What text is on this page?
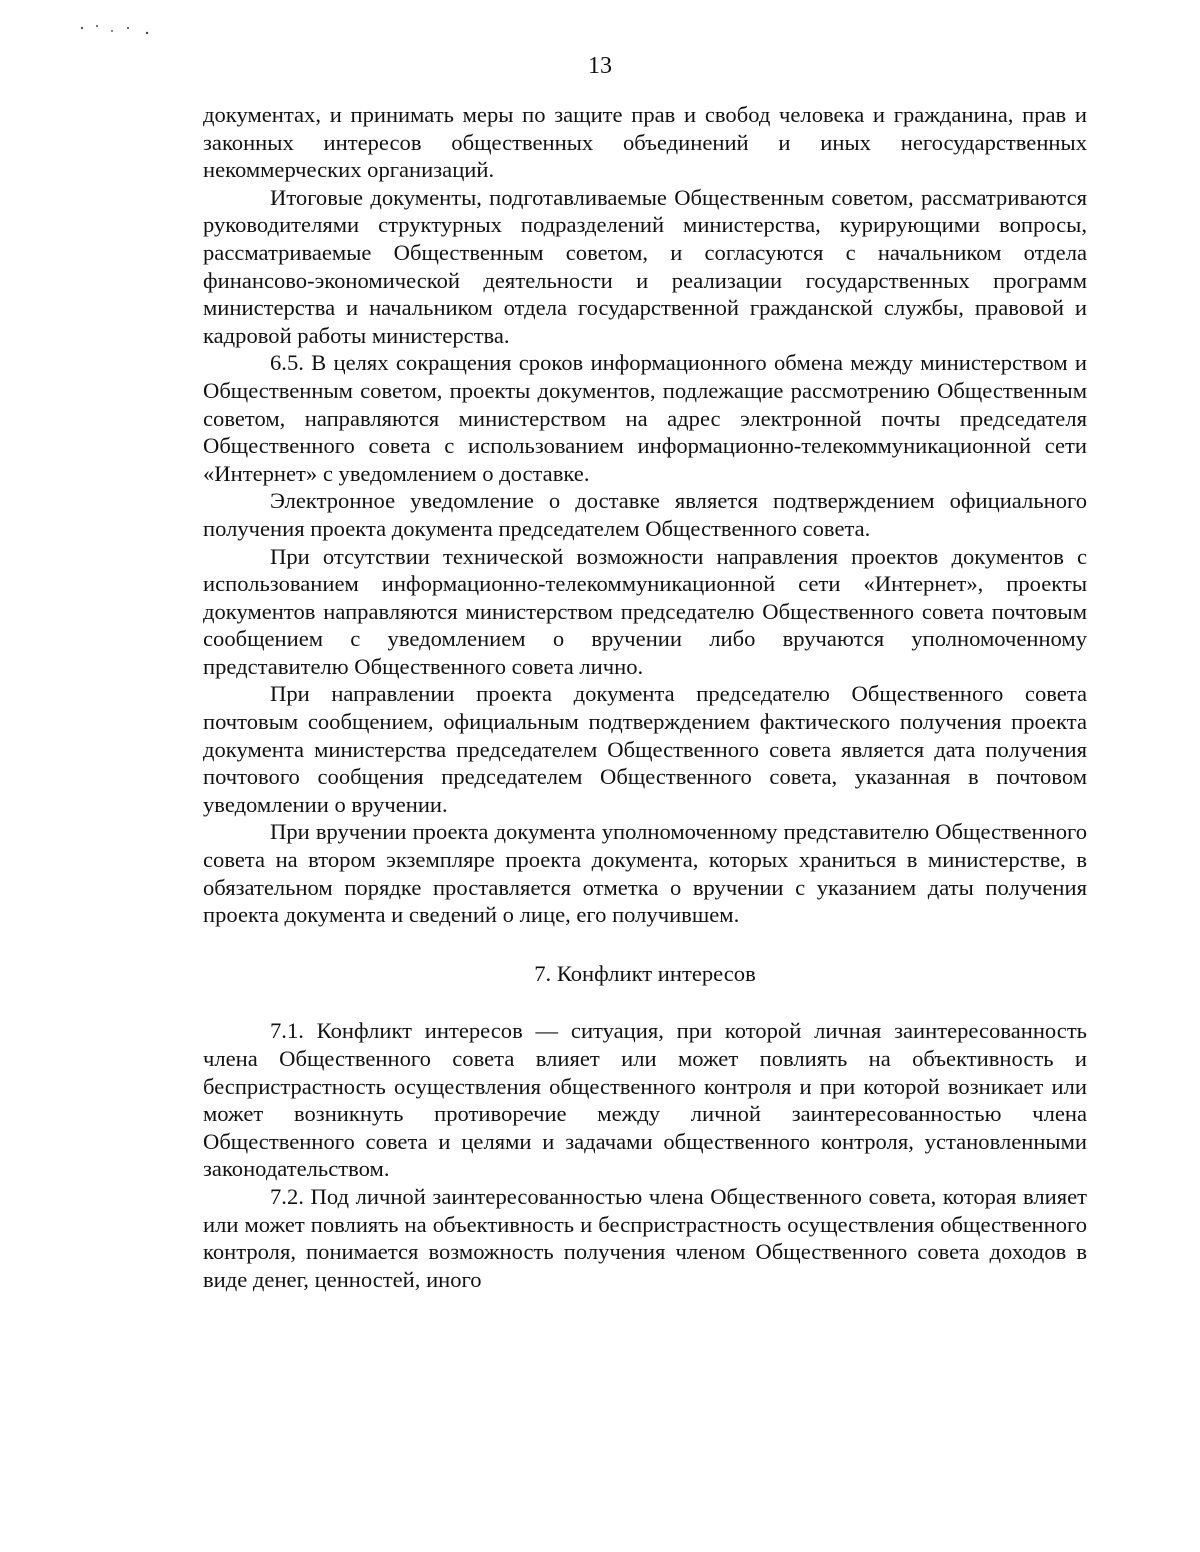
13

документах, и принимать меры по защите прав и свобод человека и гражданина, прав и законных интересов общественных объединений и иных негосударственных некоммерческих организаций.

Итоговые документы, подготавливаемые Общественным советом, рассматриваются руководителями структурных подразделений министерства, курирующими вопросы, рассматриваемые Общественным советом, и согласуются с начальником отдела финансово-экономической деятельности и реализации государственных программ министерства и начальником отдела государственной гражданской службы, правовой и кадровой работы министерства.

6.5. В целях сокращения сроков информационного обмена между министерством и Общественным советом, проекты документов, подлежащие рассмотрению Общественным советом, направляются министерством на адрес электронной почты председателя Общественного совета с использованием информационно-телекоммуникационной сети «Интернет» с уведомлением о доставке.

Электронное уведомление о доставке является подтверждением официального получения проекта документа председателем Общественного совета.

При отсутствии технической возможности направления проектов документов с использованием информационно-телекоммуникационной сети «Интернет», проекты документов направляются министерством председателю Общественного совета почтовым сообщением с уведомлением о вручении либо вручаются уполномоченному представителю Общественного совета лично.

При направлении проекта документа председателю Общественного совета почтовым сообщением, официальным подтверждением фактического получения проекта документа министерства председателем Общественного совета является дата получения почтового сообщения председателем Общественного совета, указанная в почтовом уведомлении о вручении.

При вручении проекта документа уполномоченному представителю Общественного совета на втором экземпляре проекта документа, которых храниться в министерстве, в обязательном порядке проставляется отметка о вручении с указанием даты получения проекта документа и сведений о лице, его получившем.

7. Конфликт интересов

7.1. Конфликт интересов — ситуация, при которой личная заинтересованность члена Общественного совета влияет или может повлиять на объективность и беспристрастность осуществления общественного контроля и при которой возникает или может возникнуть противоречие между личной заинтересованностью члена Общественного совета и целями и задачами общественного контроля, установленными законодательством.

7.2. Под личной заинтересованностью члена Общественного совета, которая влияет или может повлиять на объективность и беспристрастность осуществления общественного контроля, понимается возможность получения членом Общественного совета доходов в виде денег, ценностей, иного
